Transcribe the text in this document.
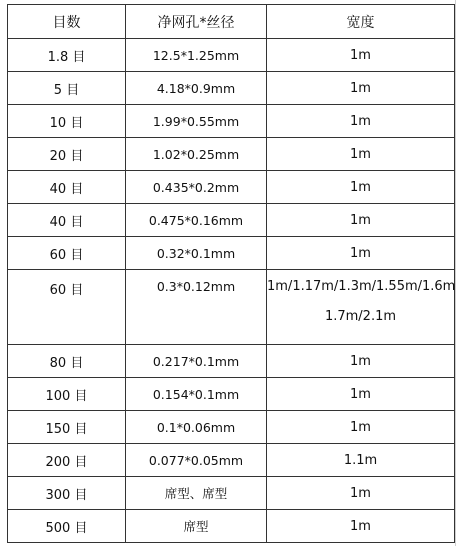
目数	净网孔*丝径	宽度
1.8 目	12.5*1.25mm	1m
5 目	4.18*0.9mm	1m
10 目	1.99*0.55mm	1m
20 目	1.02*0.25mm	1m
40 目	0.435*0.2mm	1m
40 目	0.475*0.16mm	1m
60 目	0.32*0.1mm	1m
60 目	0.3*0.12mm	1m/1.17m/1.3m/1.55m/1.6m 1.7m/2.1m
80 目	0.217*0.1mm	1m
100 目	0.154*0.1mm	1m
150 目	0.1*0.06mm	1m
200 目	0.077*0.05mm	1.1m
300 目	席型、席型	1m
500 目	席型	1m
